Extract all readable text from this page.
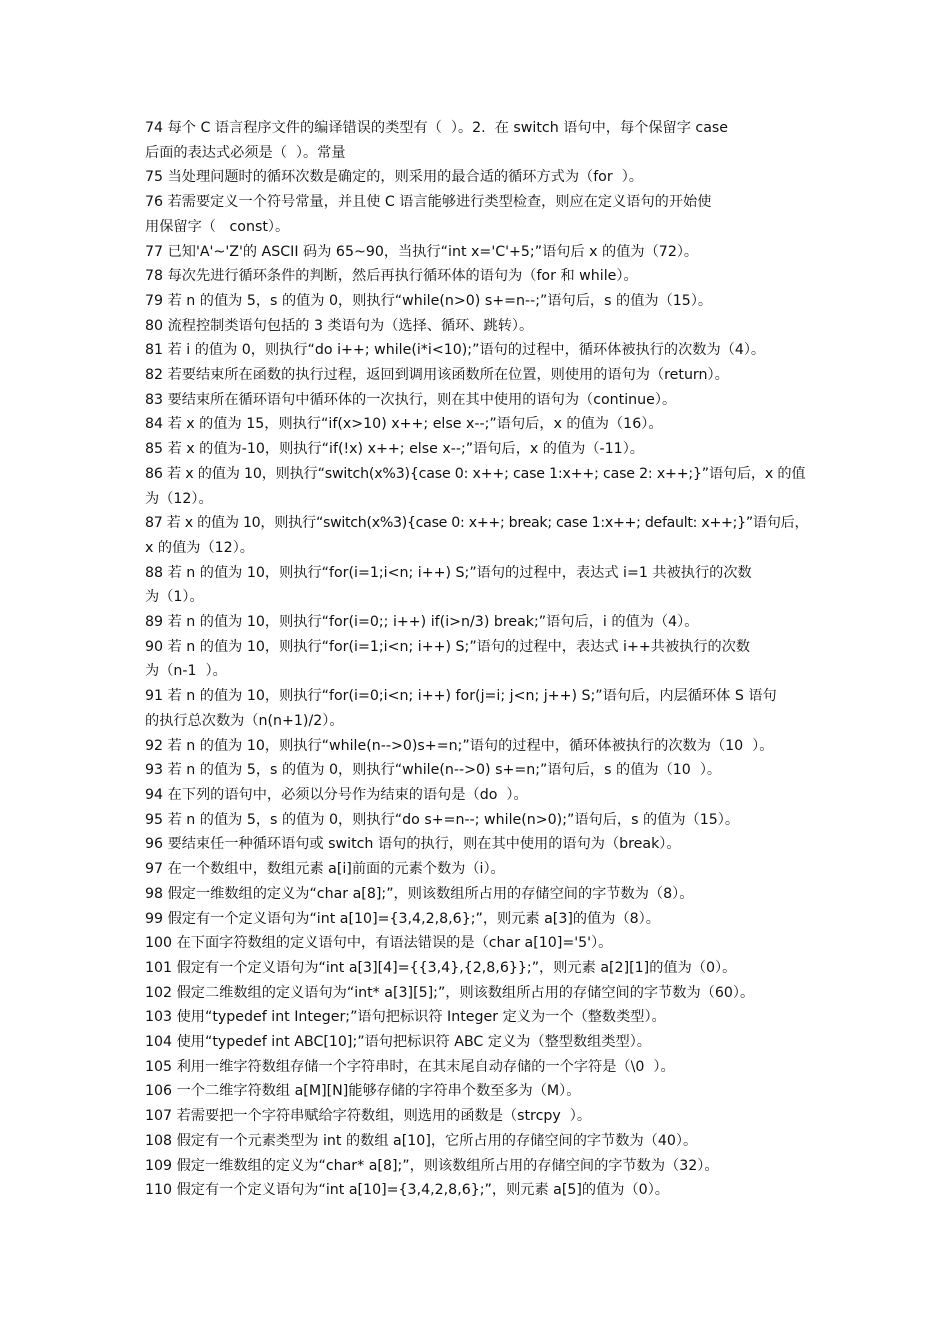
74 每个 C 语言程序文件的编译错误的类型有（  ）。2.  在 switch 语句中，每个保留字 case
后面的表达式必须是（  ）。常量
75 当处理问题时的循环次数是确定的，则采用的最合适的循环方式为（for  ）。
76 若需要定义一个符号常量，并且使 C 语言能够进行类型检查，则应在定义语句的开始使
用保留字（   const）。
77 已知'A'~'Z'的 ASCII 码为 65~90，当执行“int x='C'+5;”语句后 x 的值为（72）。
78 每次先进行循环条件的判断，然后再执行循环体的语句为（for 和 while）。
79 若 n 的值为 5，s 的值为 0，则执行“while(n>0) s+=n--;”语句后，s 的值为（15）。
80 流程控制类语句包括的 3 类语句为（选择、循环、跳转）。
81 若 i 的值为 0，则执行“do i++; while(i*i<10);”语句的过程中，循环体被执行的次数为（4）。
82 若要结束所在函数的执行过程，返回到调用该函数所在位置，则使用的语句为（return）。
83 要结束所在循环语句中循环体的一次执行，则在其中使用的语句为（continue）。
84 若 x 的值为 15，则执行“if(x>10) x++; else x--;”语句后，x 的值为（16）。
85 若 x 的值为-10，则执行“if(!x) x++; else x--;”语句后，x 的值为（-11）。
86 若 x 的值为 10，则执行“switch(x%3){case 0: x++; case 1:x++; case 2: x++;}”语句后，x 的值
为（12）。
87 若 x 的值为 10，则执行“switch(x%3){case 0: x++; break; case 1:x++; default: x++;}”语句后，
x 的值为（12）。
88 若 n 的值为 10，则执行“for(i=1;i<n; i++) S;”语句的过程中，表达式 i=1 共被执行的次数
为（1）。
89 若 n 的值为 10，则执行“for(i=0;; i++) if(i>n/3) break;”语句后，i 的值为（4）。
90 若 n 的值为 10，则执行“for(i=1;i<n; i++) S;”语句的过程中，表达式 i++共被执行的次数
为（n-1  ）。
91 若 n 的值为 10，则执行“for(i=0;i<n; i++) for(j=i; j<n; j++) S;”语句后，内层循环体 S 语句
的执行总次数为（n(n+1)/2）。
92 若 n 的值为 10，则执行“while(n-->0)s+=n;”语句的过程中，循环体被执行的次数为（10  ）。
93 若 n 的值为 5，s 的值为 0，则执行“while(n-->0) s+=n;”语句后，s 的值为（10  ）。
94 在下列的语句中，必须以分号作为结束的语句是（do  ）。
95 若 n 的值为 5，s 的值为 0，则执行“do s+=n--; while(n>0);”语句后，s 的值为（15）。
96 要结束任一种循环语句或 switch 语句的执行，则在其中使用的语句为（break）。
97 在一个数组中，数组元素 a[i]前面的元素个数为（i）。
98 假定一维数组的定义为“char a[8];”，则该数组所占用的存储空间的字节数为（8）。
99 假定有一个定义语句为“int a[10]={3,4,2,8,6};”，则元素 a[3]的值为（8）。
100 在下面字符数组的定义语句中，有语法错误的是（char a[10]='5'）。
101 假定有一个定义语句为“int a[3][4]={{3,4},{2,8,6}};”，则元素 a[2][1]的值为（0）。
102 假定二维数组的定义语句为“int* a[3][5];”，则该数组所占用的存储空间的字节数为（60）。
103 使用“typedef int Integer;”语句把标识符 Integer 定义为一个（整数类型）。
104 使用“typedef int ABC[10];”语句把标识符 ABC 定义为（整型数组类型）。
105 利用一维字符数组存储一个字符串时，在其末尾自动存储的一个字符是（\0  ）。
106 一个二维字符数组 a[M][N]能够存储的字符串个数至多为（M）。
107 若需要把一个字符串赋给字符数组，则选用的函数是（strcpy  ）。
108 假定有一个元素类型为 int 的数组 a[10]，它所占用的存储空间的字节数为（40）。
109 假定一维数组的定义为“char* a[8];”，则该数组所占用的存储空间的字节数为（32）。
110 假定有一个定义语句为“int a[10]={3,4,2,8,6};”，则元素 a[5]的值为（0）。
